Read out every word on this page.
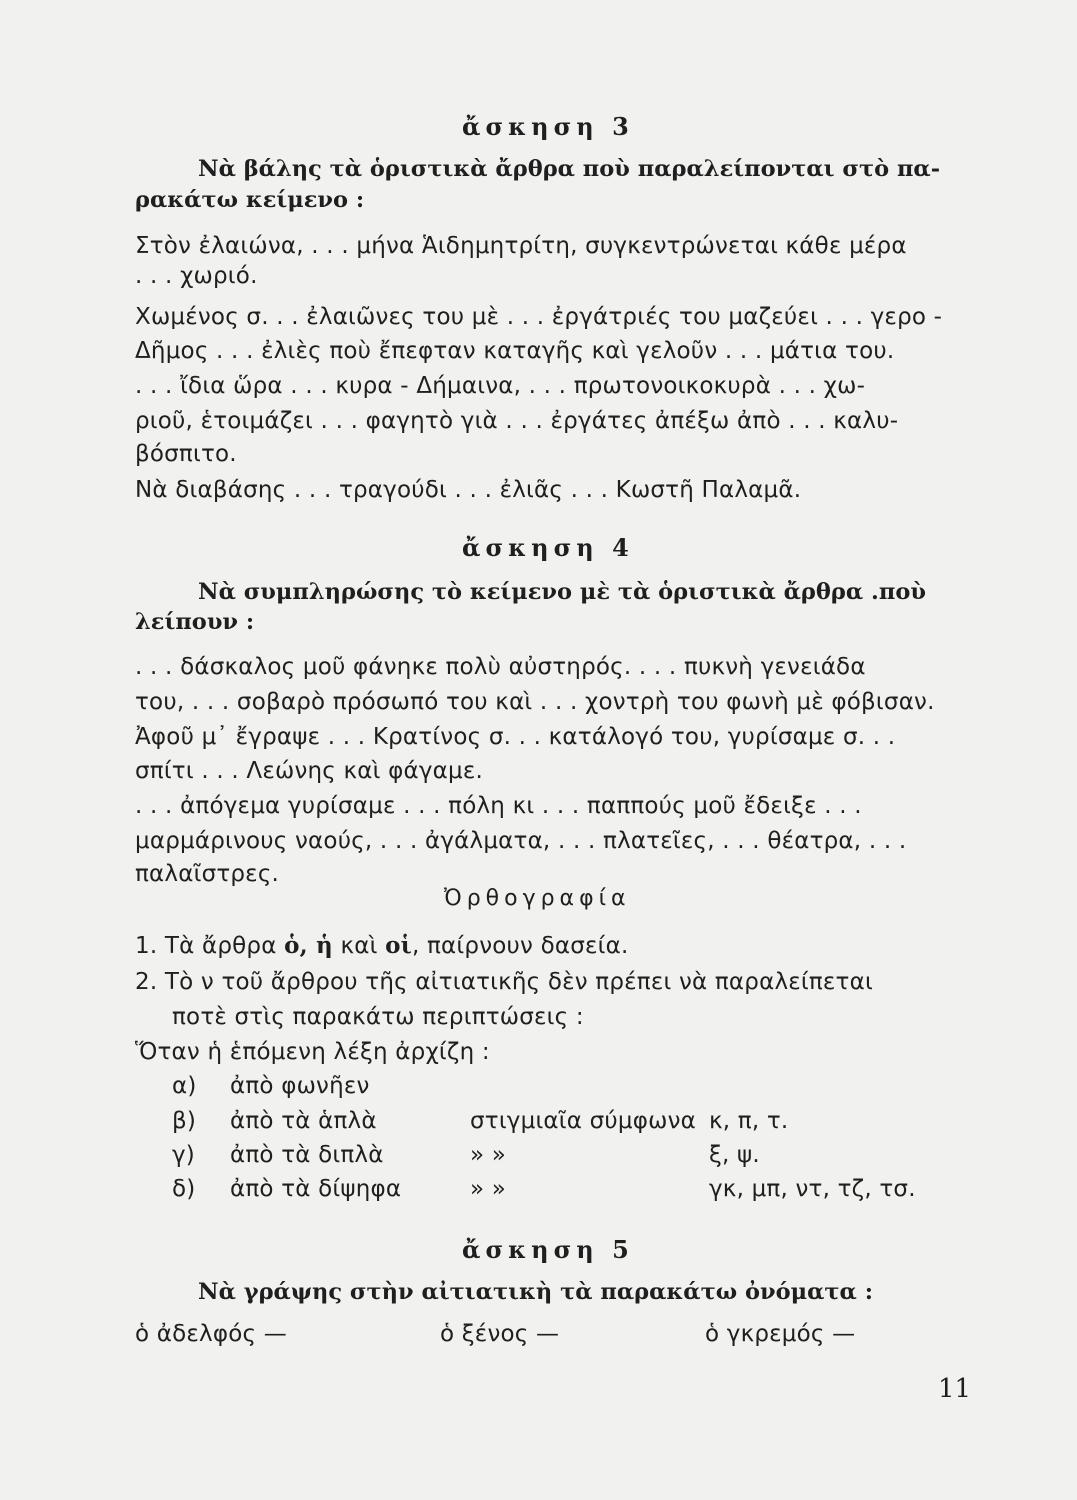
ἄσκηση 3
Νὰ βάλης τὰ ὁριστικὰ ἄρθρα ποὺ παραλείπονται στὸ πα-
ρακάτω κείμενο :
Στὸν ἐλαιώνα, . . . μήνα Ἁιδημητρίτη, συγκεντρώνεται κάθε μέρα
. . . χωριό.
Χωμένος σ. . . ἐλαιῶνες του μὲ . . . ἐργάτριές του μαζεύει . . . γερο -
Δῆμος . . . ἐλιὲς ποὺ ἔπεφταν καταγῆς καὶ γελοῦν . . . μάτια του.
. . . ἴδια ὥρα . . . κυρα - Δήμαινα, . . . πρωτονοικοκυρὰ . . . χω-
ριοῦ, ἑτοιμάζει . . . φαγητὸ γιὰ . . . ἐργάτες ἀπέξω ἀπὸ . . . καλυ-
βόσπιτο.
Νὰ διαβάσης . . . τραγούδι . . . ἐλιᾶς . . . Κωστῆ Παλαμᾶ.
ἄσκηση 4
Νὰ συμπληρώσης τὸ κείμενο μὲ τὰ ὁριστικὰ ἄρθρα .ποὺ
λείπουν :
. . . δάσκαλος μοῦ φάνηκε πολὺ αὐστηρός. . . . πυκνὴ γενειάδα
του, . . . σοβαρὸ πρόσωπό του καὶ . . . χοντρὴ του φωνὴ μὲ φόβισαν.
Ἀφοῦ μ᾿ ἔγραψε . . . Κρατίνος σ. . . κατάλογό του, γυρίσαμε σ. . .
σπίτι . . . Λεώνης καὶ φάγαμε.
. . . ἀπόγεμα γυρίσαμε . . . πόλη κι . . . παππούς μοῦ ἔδειξε . . .
μαρμάρινους ναούς, . . . ἀγάλματα, . . . πλατεῖες, . . . θέατρα, . . .
παλαῖστρες.
Ὀρθογραφία
1. Τὰ ἄρθρα ὁ, ἡ καὶ οἱ, παίρνουν δασεία.
2. Τὸ ν τοῦ ἄρθρου τῆς αἰτιατικῆς δὲν πρέπει νὰ παραλείπεται
ποτὲ στὶς παρακάτω περιπτώσεις :
Ὅταν ἡ ἑπόμενη λέξη ἀρχίζη :
α) ἀπὸ φωνῆεν
β) ἀπὸ τὰ ἁπλὰ	στιγμιαῖα σύμφωνα κ, π, τ.
γ) ἀπὸ τὰ διπλὰ	» »	ξ, ψ.
δ) ἀπὸ τὰ δίψηφα	» »	γκ, μπ, ντ, τζ, τσ.
ἄσκηση 5
Νὰ γράψης στὴν αἰτιατικὴ τὰ παρακάτω ὀνόματα :
ὁ ἀδελφός —	ὁ ξένος —	ὁ γκρεμός —
11
